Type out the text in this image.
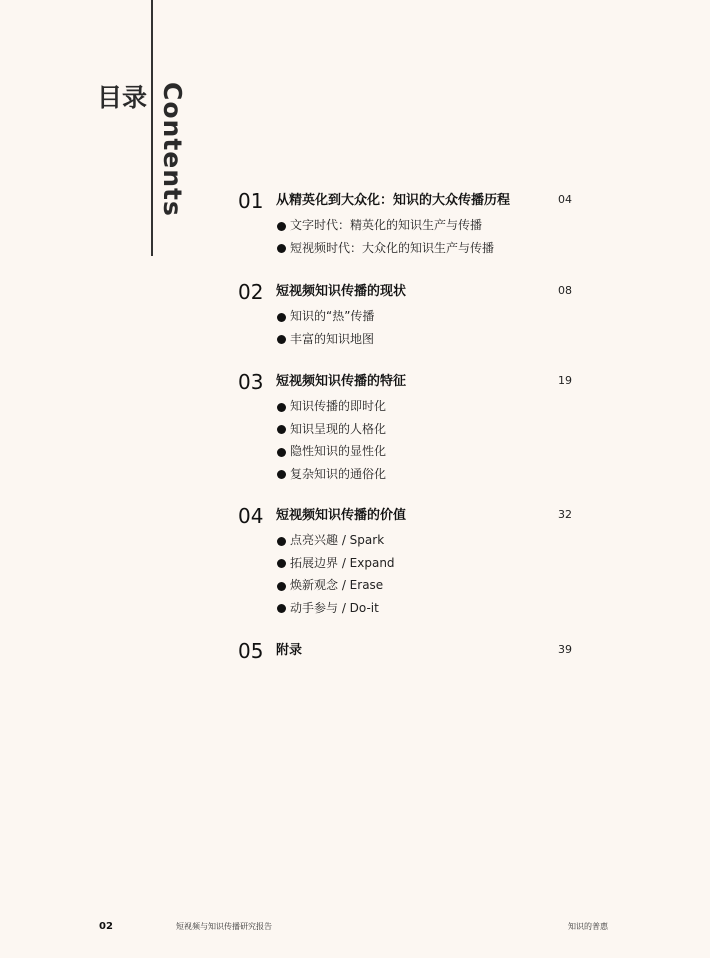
目录 Contents	01 从精英化到大众化：知识的大众传播历程	04
文字时代：精英化的知识生产与传播
短视频时代：大众化的知识生产与传播
02 短视频知识传播的现状	08
知识的“热”传播
丰富的知识地图
03 短视频知识传播的特征	19
知识传播的即时化
知识呈现的人格化
隐性知识的显性化
复杂知识的通俗化
04 短视频知识传播的价值	32
点亮兴趣 / Spark
拓展边界 / Expand
焕新观念 / Erase
动手参与 / Do-it
05 附录	39
02	短视频与知识传播研究报告	知识的普惠
